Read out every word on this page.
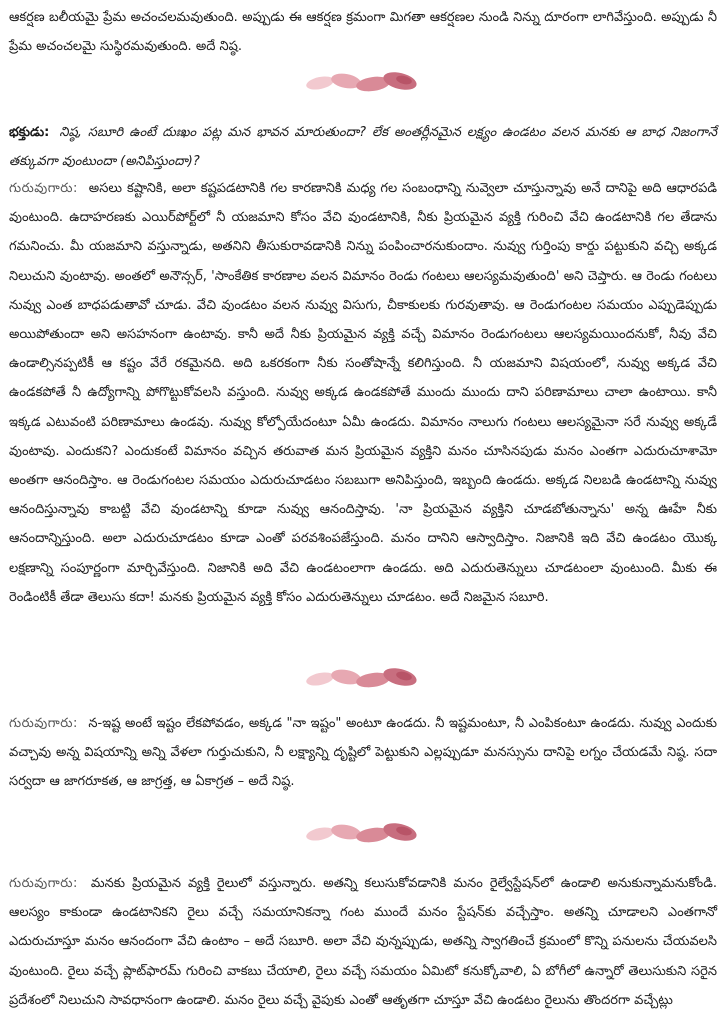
ఆకర్షణ బలీయమై ప్రేమ అచంచలమవుతుంది. అప్పుడు ఈ ఆకర్షణ క్రమంగా మిగతా ఆకర్షణల నుండి నిన్ను దూరంగా లాగివేస్తుంది. అప్పుడు నీ ప్రేమ అచంచలమై సుస్థిరమవుతుంది. అదే నిష్ఠ.

భక్తుడు: నిష్ఠ, సబూరి ఉంటే దుఃఖం పట్ల మన భావన మారుతుందా? లేక అంతర్లీనమైన లక్ష్యం ఉండటం వలన మనకు ఆ బాధ నిజంగానే తక్కువగా వుంటుందా (అనిపిస్తుందా)?

గురువుగారు: అసలు కష్టానికి, అలా కష్టపడటానికి గల కారణానికి మధ్య గల సంబంధాన్ని నువ్వెలా చూస్తున్నావు అనే దానిపై అది ఆధారపడి వుంటుంది. ఉదాహరణకు ఎయిర్‌పోర్ట్‌లో నీ యజమాని కోసం వేచి వుండటానికి, నీకు ప్రియమైన వ్యక్తి గురించి వేచి ఉండటానికి గల తేడాను గమనించు. మీ యజమాని వస్తున్నాడు, అతనిని తీసుకురావడానికి నిన్ను పంపించారనుకుందాం. నువ్వు గుర్తింపు కార్డు పట్టుకుని వచ్చి అక్కడ నిలుచుని వుంటావు. అంతలో అనౌన్సర్, 'సాంకేతిక కారణాల వలన విమానం రెండు గంటలు ఆలస్యమవుతుంది' అని చెప్తారు. ఆ రెండు గంటలు నువ్వు ఎంత బాధపడుతావో చూడు. వేచి వుండటం వలన నువ్వు విసుగు, చీకాకులకు గురవుతావు. ఆ రెండుగంటల సమయం ఎప్పుడెప్పుడు అయిపోతుందా అని అసహనంగా ఉంటావు. కానీ అదే నీకు ప్రియమైన వ్యక్తి వచ్చే విమానం రెండుగంటలు ఆలస్యమయిందనుకో, నీవు వేచి ఉండాల్సినప్పటికీ ఆ కష్టం వేరే రకమైనది. అది ఒకరకంగా నీకు సంతోషాన్నే కలిగిస్తుంది. నీ యజమాని విషయంలో, నువ్వు అక్కడ వేచి ఉండకపోతే నీ ఉద్యోగాన్ని పోగొట్టుకోవలసి వస్తుంది. నువ్వు అక్కడ ఉండకపోతే ముందు ముందు దాని పరిణామాలు చాలా ఉంటాయి. కానీ ఇక్కడ ఎటువంటి పరిణామాలు ఉండవు. నువ్వు కోల్పోయేదంటూ ఏమీ ఉండదు. విమానం నాలుగు గంటలు ఆలస్యమైనా సరే నువ్వు అక్కడే వుంటావు. ఎందుకని? ఎందుకంటే విమానం వచ్చిన తరువాత మన ప్రియమైన వ్యక్తిని మనం చూసినపుడు మనం ఎంతగా ఎదురుచూశామో అంతగా ఆనందిస్తాం. ఆ రెండుగంటల సమయం ఎదురుచూడటం సబబుగా అనిపిస్తుంది, ఇబ్బంది ఉండదు. అక్కడ నిలబడి ఉండటాన్ని నువ్వు ఆనందిస్తున్నావు కాబట్టి వేచి వుండటాన్ని కూడా నువ్వు ఆనందిస్తావు. 'నా ప్రియమైన వ్యక్తిని చూడబోతున్నాను' అన్న ఊహే నీకు ఆనందాన్నిస్తుంది. అలా ఎదురుచూడటం కూడా ఎంతో పరవశింపజేస్తుంది. మనం దానిని ఆస్వాదిస్తాం. నిజానికి ఇది వేచి ఉండటం యొక్క లక్షణాన్ని సంపూర్ణంగా మార్చివేస్తుంది. నిజానికి అది వేచి ఉండటంలాగా ఉండదు. అది ఎదురుతెన్నులు చూడటంలా వుంటుంది. మీకు ఈ రెండింటికీ తేడా తెలుసు కదా! మనకు ప్రియమైన వ్యక్తి కోసం ఎదురుతెన్నులు చూడటం. అదే నిజమైన సబూరి.

గురువుగారు: న-ఇష్ట అంటే ఇష్టం లేకపోవడం, అక్కడ "నా ఇష్టం" అంటూ ఉండదు. నీ ఇష్టమంటూ, నీ ఎంపికంటూ ఉండదు. నువ్వు ఎందుకు వచ్చావు అన్న విషయాన్ని అన్ని వేళలా గుర్తుచుకుని, నీ లక్ష్యాన్ని దృష్టిలో పెట్టుకుని ఎల్లప్పుడూ మనస్సును దానిపై లగ్నం చేయడమే నిష్ఠ. సదా సర్వదా ఆ జాగరూకత, ఆ జాగ్రత్త, ఆ ఏకాగ్రత – అదే నిష్ఠ.

గురువుగారు: మనకు ప్రియమైన వ్యక్తి రైలులో వస్తున్నారు. అతన్ని కలుసుకోవడానికి మనం రైల్వేస్టేషన్‌లో ఉండాలి అనుకున్నామనుకోండి. ఆలస్యం కాకుండా ఉండటానికని రైలు వచ్చే సమయానికన్నా గంట ముందే మనం స్టేషన్‌కు వచ్చేస్తాం. అతన్ని చూడాలని ఎంతగానో ఎదురుచూస్తూ మనం ఆనందంగా వేచి ఉంటాం – అదే సబూరి. అలా వేచి వున్నప్పుడు, అతన్ని స్వాగతించే క్రమంలో కొన్ని పనులను చేయవలసి వుంటుంది. రైలు వచ్చే ప్లాట్‌ఫారమ్ గురించి వాకబు చేయాలి, రైలు వచ్చే సమయం ఏమిటో కనుక్కోవాలి, ఏ బోగీలో ఉన్నారో తెలుసుకుని సరైన ప్రదేశంలో నిలుచుని సావధానంగా ఉండాలి. మనం రైలు వచ్చే వైపుకు ఎంతో ఆతృతగా చూస్తూ వేచి ఉండటం రైలును తొందరగా వచ్చేట్లు
